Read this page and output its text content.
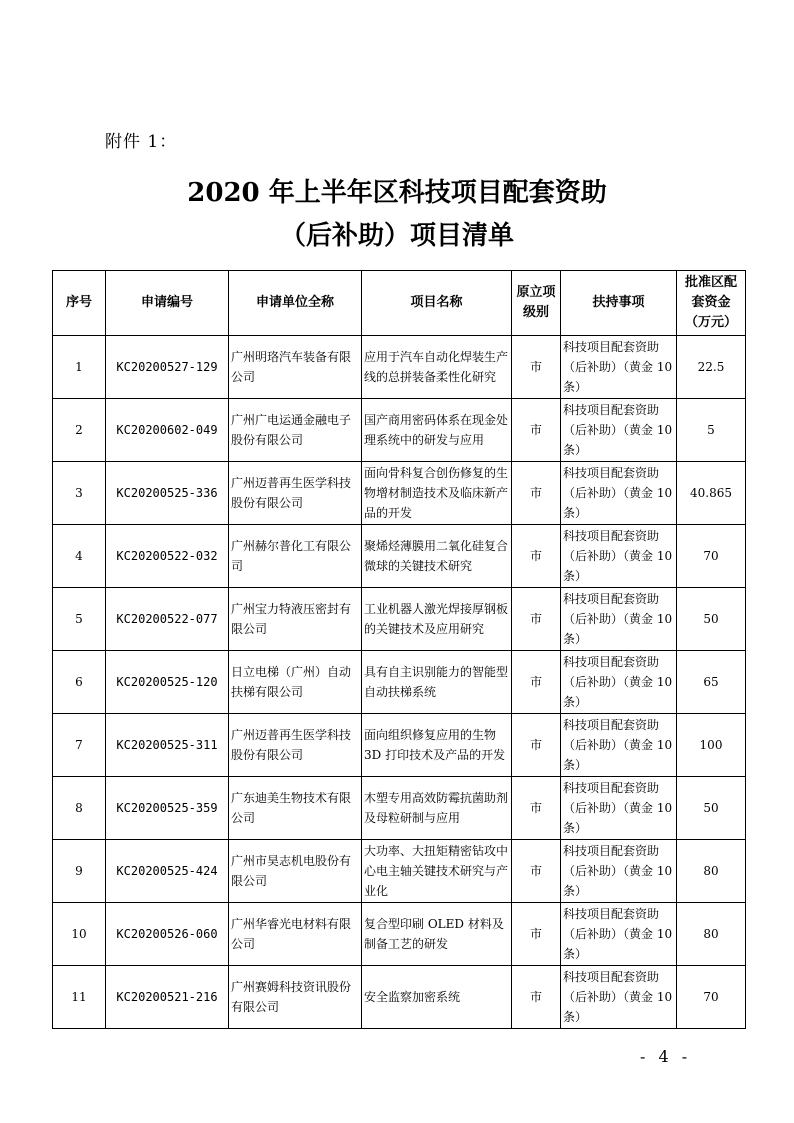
附件 1：
2020 年上半年区科技项目配套资助
（后补助）项目清单
序号	申请编号	申请单位全称	项目名称	原立项级别	扶持事项	批准区配套资金（万元）
1	KC20200527-129	广州明珞汽车装备有限公司	应用于汽车自动化焊装生产线的总拼装备柔性化研究	市	科技项目配套资助（后补助）（黄金 10 条）	22.5
2	KC20200602-049	广州广电运通金融电子股份有限公司	国产商用密码体系在现金处理系统中的研发与应用	市	科技项目配套资助（后补助）（黄金 10 条）	5
3	KC20200525-336	广州迈普再生医学科技股份有限公司	面向骨科复合创伤修复的生物增材制造技术及临床新产品的开发	市	科技项目配套资助（后补助）（黄金 10 条）	40.865
4	KC20200522-032	广州赫尔普化工有限公司	聚烯烃薄膜用二氧化硅复合微球的关键技术研究	市	科技项目配套资助（后补助）（黄金 10 条）	70
5	KC20200522-077	广州宝力特液压密封有限公司	工业机器人激光焊接厚钢板的关键技术及应用研究	市	科技项目配套资助（后补助）（黄金 10 条）	50
6	KC20200525-120	日立电梯（广州）自动扶梯有限公司	具有自主识别能力的智能型自动扶梯系统	市	科技项目配套资助（后补助）（黄金 10 条）	65
7	KC20200525-311	广州迈普再生医学科技股份有限公司	面向组织修复应用的生物 3D 打印技术及产品的开发	市	科技项目配套资助（后补助）（黄金 10 条）	100
8	KC20200525-359	广东迪美生物技术有限公司	木塑专用高效防霉抗菌助剂及母粒研制与应用	市	科技项目配套资助（后补助）（黄金 10 条）	50
9	KC20200525-424	广州市昊志机电股份有限公司	大功率、大扭矩精密钻攻中心电主轴关键技术研究与产业化	市	科技项目配套资助（后补助）（黄金 10 条）	80
10	KC20200526-060	广州华睿光电材料有限公司	复合型印刷 OLED 材料及制备工艺的研发	市	科技项目配套资助（后补助）（黄金 10 条）	80
11	KC20200521-216	广州赛姆科技资讯股份有限公司	安全监察加密系统	市	科技项目配套资助（后补助）（黄金 10 条）	70
- 4 -
